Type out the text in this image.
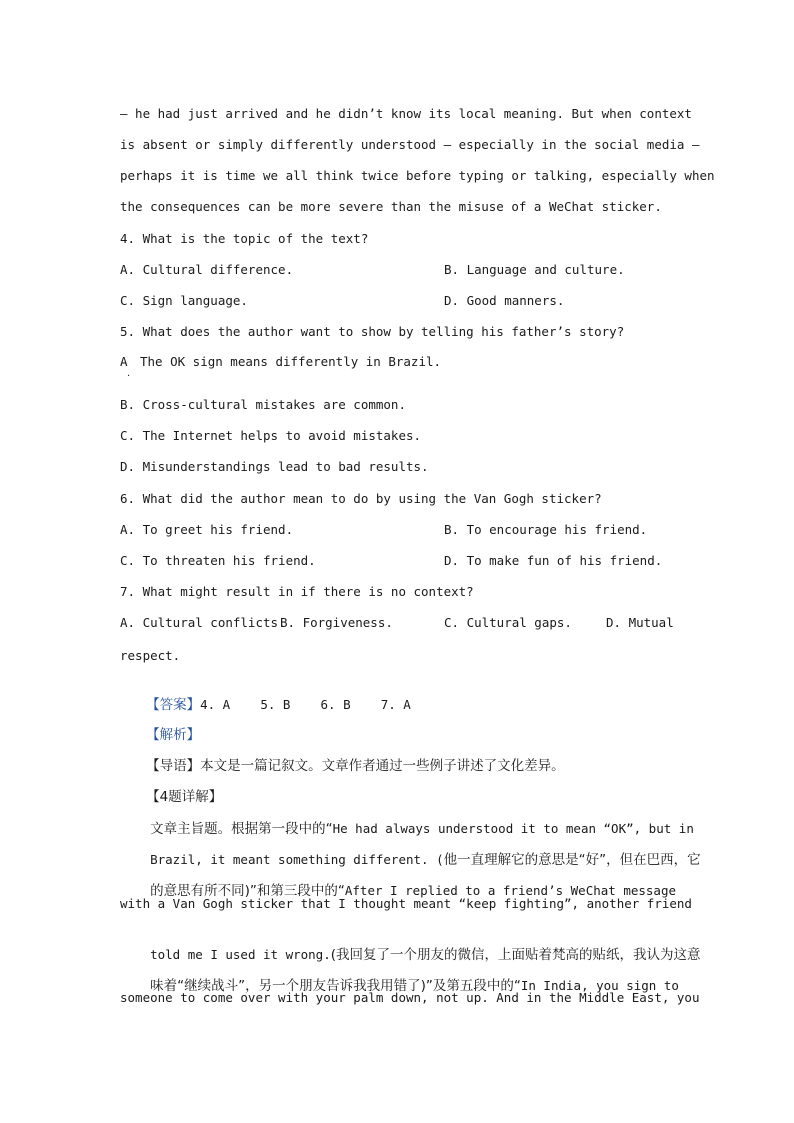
— he had just arrived and he didn’t know its local meaning. But when context
is absent or simply differently understood — especially in the social media —
perhaps it is time we all think twice before typing or talking, especially when
the consequences can be more severe than the misuse of a WeChat sticker.
4. What is the topic of the text?
A. Cultural difference.	B. Language and culture.
C. Sign language.	D. Good manners.
5. What does the author want to show by telling his father’s story?
A The OK sign means differently in Brazil.
·
B. Cross-cultural mistakes are common.
C. The Internet helps to avoid mistakes.
D. Misunderstandings lead to bad results.
6. What did the author mean to do by using the Van Gogh sticker?
A. To greet his friend.	B. To encourage his friend.
C. To threaten his friend.	D. To make fun of his friend.
7. What might result in if there is no context?
A. Cultural conflicts.
B. Forgiveness.	C. Cultural gaps.	D. Mutual
respect.

【答案】4. A    5. B    6. B    7. A

【解析】

【导语】本文是一篇记叙文。文章作者通过一些例子讲述了文化差异。

【4题详解】

文章主旨题。根据第一段中的“He had always understood it to mean “OK”, but in

Brazil, it meant something different. (他一直理解它的意思是“好”，但在巴西，它

的意思有所不同)”和第三段中的“After I replied to a friend’s WeChat message

with a Van Gogh sticker that I thought meant “keep fighting”, another friend

told me I used it wrong.(我回复了一个朋友的微信，上面贴着梵高的贴纸，我认为这意

味着“继续战斗”，另一个朋友告诉我我用错了)”及第五段中的“In India, you sign to

someone to come over with your palm down, not up. And in the Middle East, you
